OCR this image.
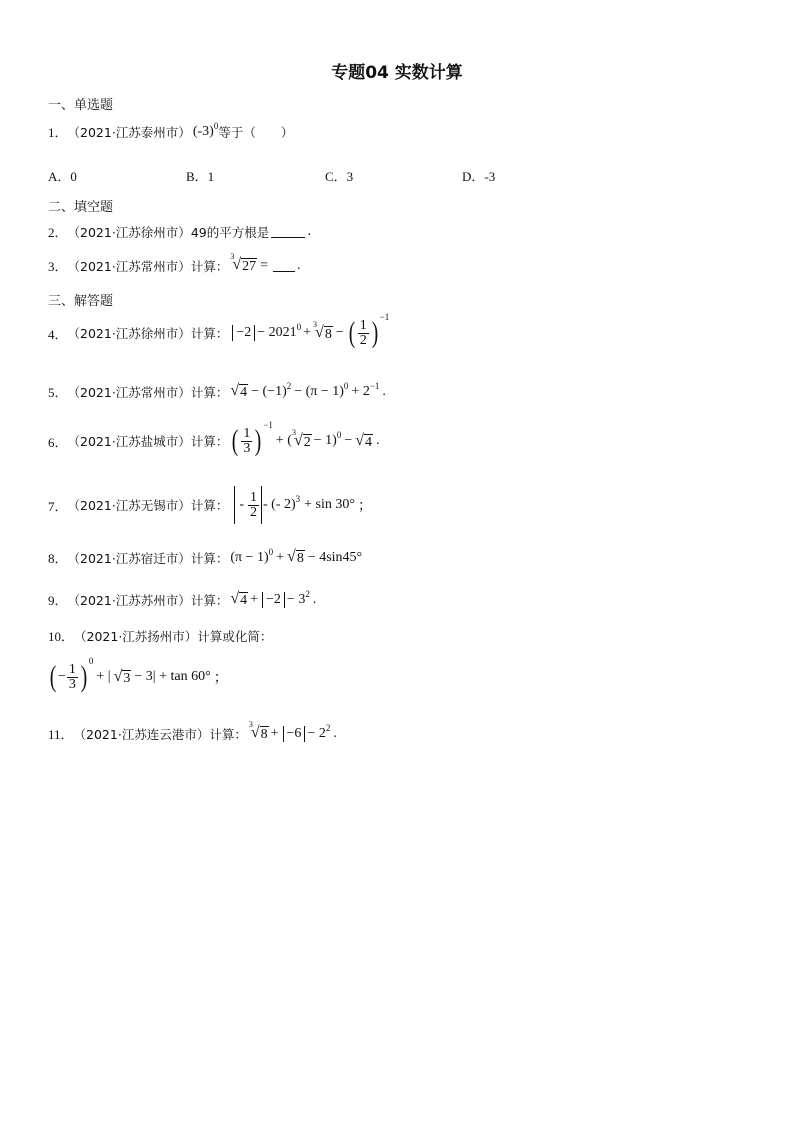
专题04 实数计算
一、单选题
1． （2021·江苏泰州市） (-3) 0 等于（　　）
A．0	B．1	C．3	D．-3
二、填空题
2． （2021·江苏徐州市） 49的平方根是	.
3． （2021·江苏常州市） 计算：
3
√ 27 = .
三、解答题
4． （2021·江苏徐州市） 计算： −2 − 2021 0 +
3
√ 8 − ( $\frac{1}{2}$ ) −1
5． （2021·江苏常州市） 计算： √ 4 − (−1) 2 − (π − 1) 0 + 2 −1 .
6． （2021·江苏盐城市） 计算： ( $\frac{1}{3}$ ) −1
+ (
3
√ 2 − 1) 0 − √ 4 .
7． （2021·江苏无锡市） 计算： - $\frac{1}{2}$ - (- 2) 3 + sin 30° ；
8． （2021·江苏宿迁市） 计算： (π − 1) 0 + √ 8 − 4sin45°
9． （2021·江苏苏州市） 计算： √ 4 + −2 − 3 2 .
10． （2021·江苏扬州市） 计算或化简：
( − $\frac{1}{3}$ ) 0
+ | √ 3 − 3| + tan 60° ；
11． （2021·江苏连云港市） 计算：
3
√ 8 + −6 − 2 2 .
